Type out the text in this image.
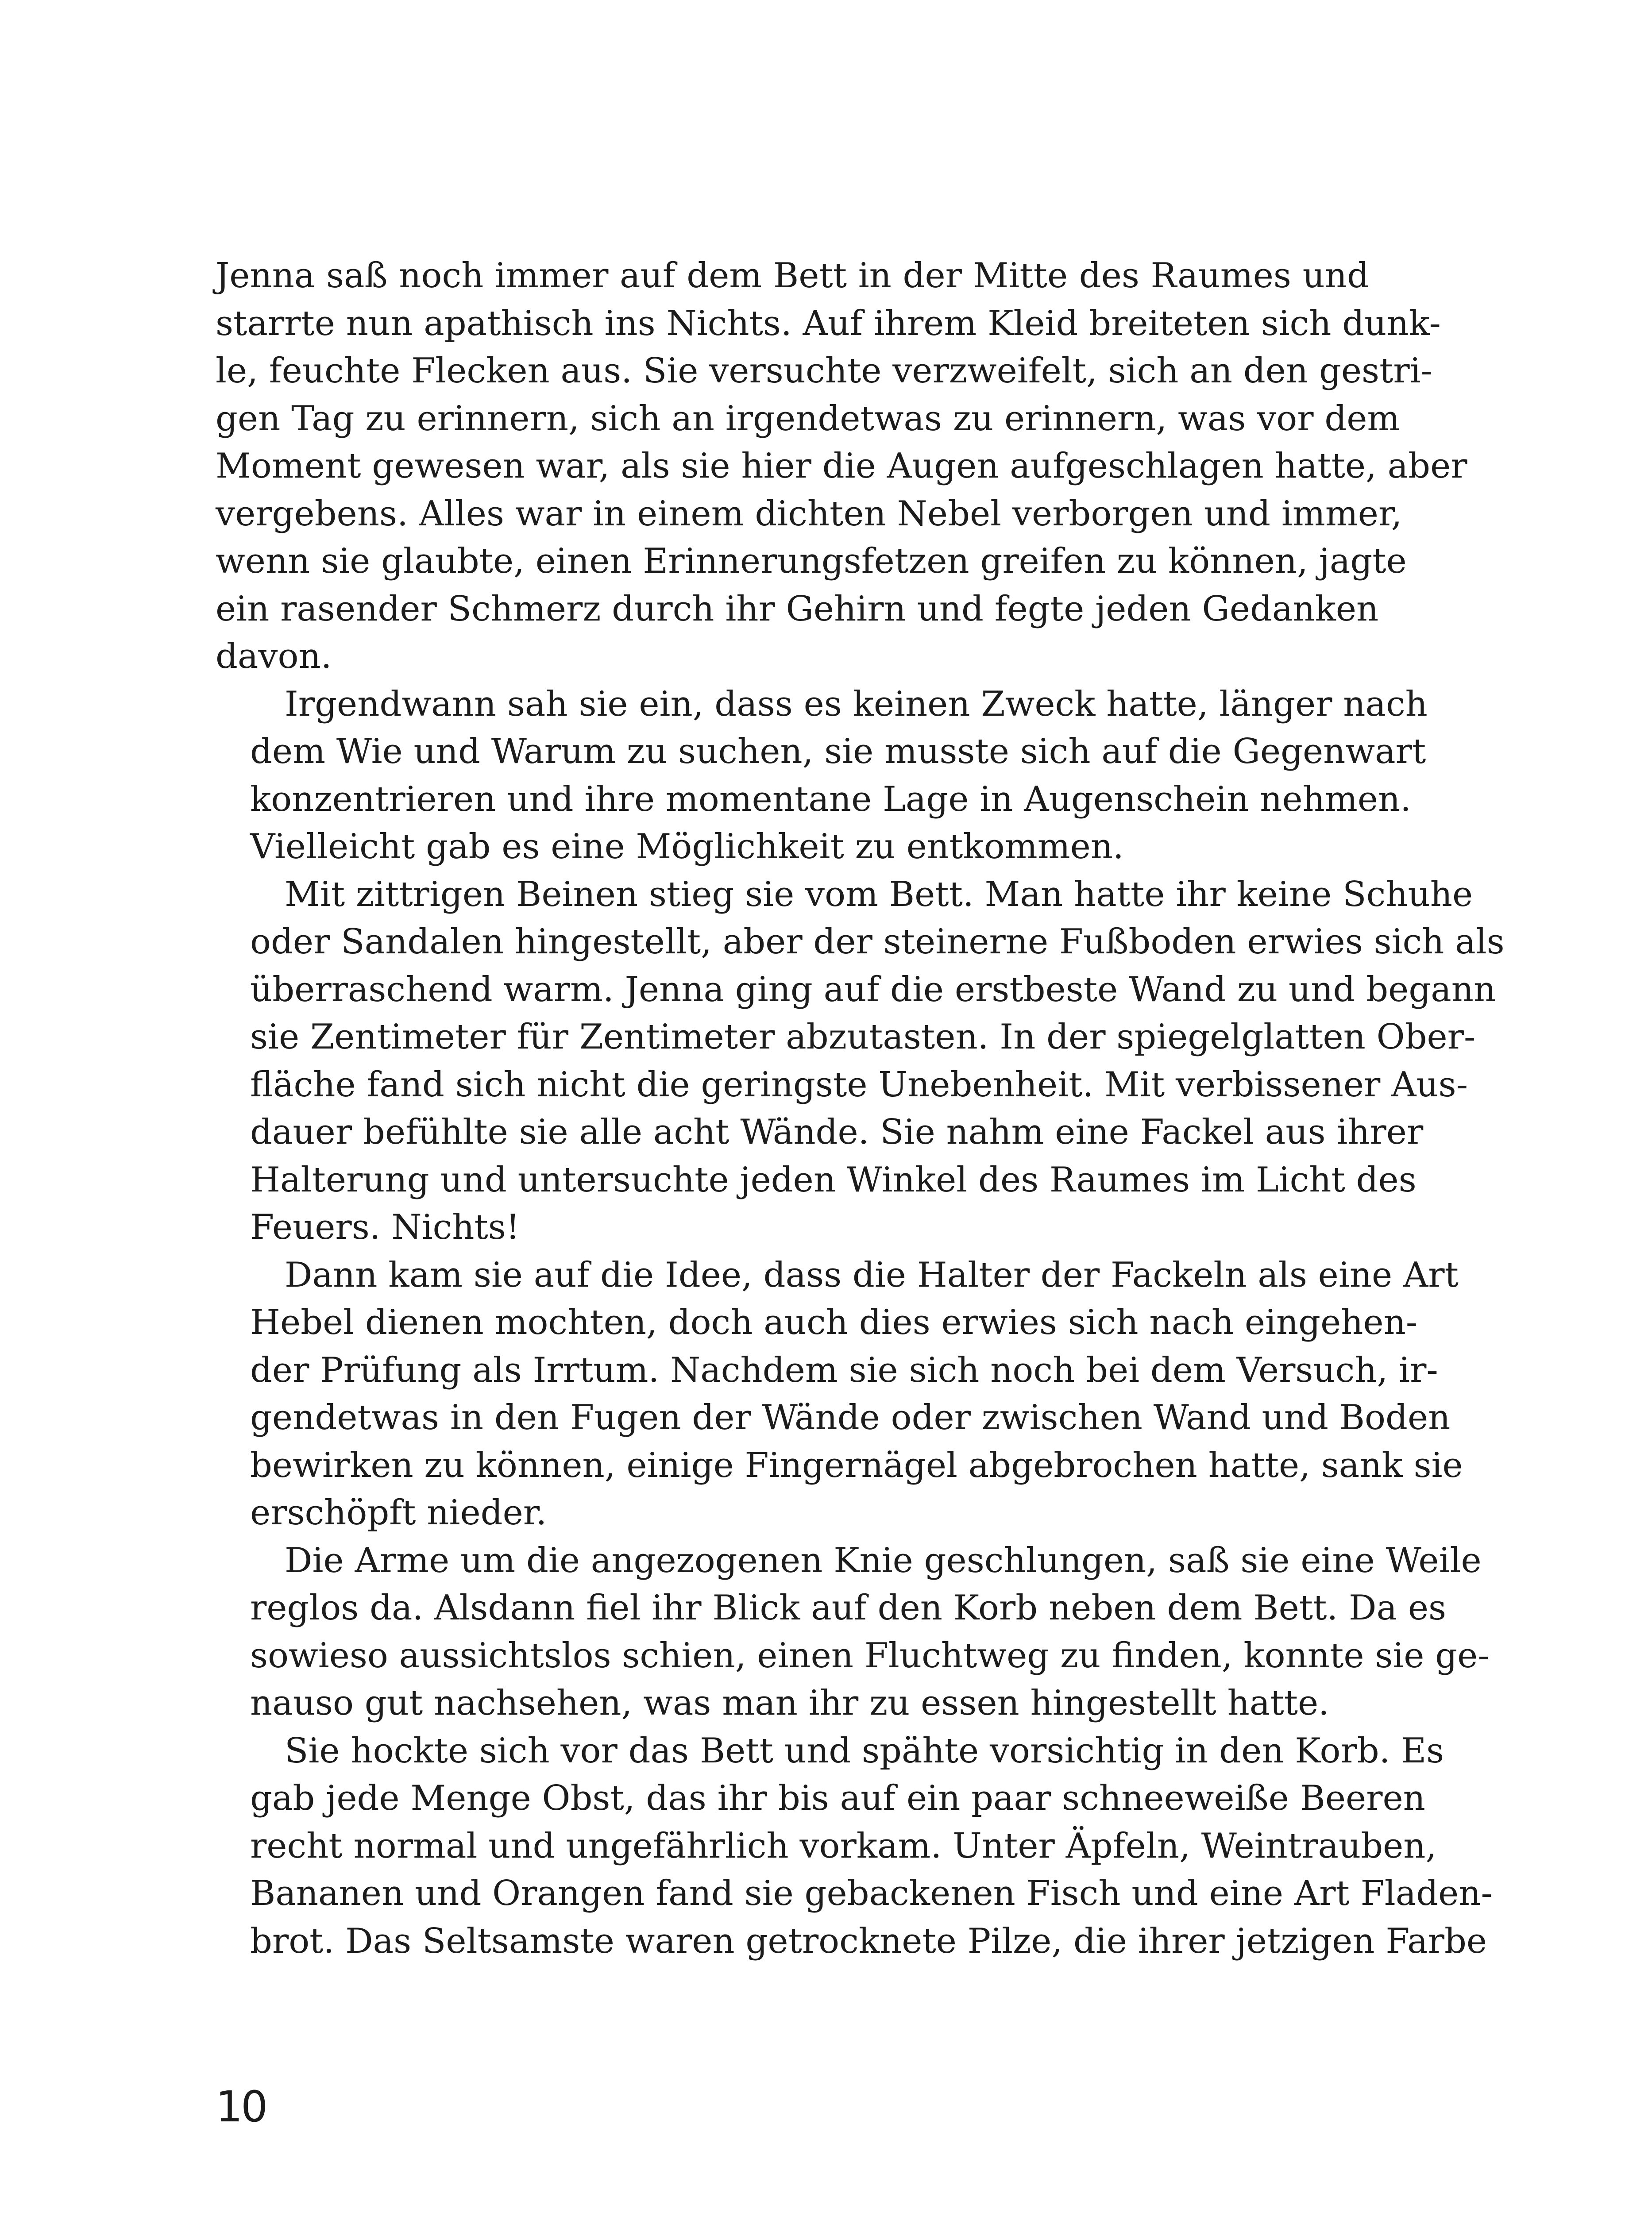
Jenna saß noch immer auf dem Bett in der Mitte des Raumes und
starrte nun apathisch ins Nichts. Auf ihrem Kleid breiteten sich dunk-
le, feuchte Flecken aus. Sie versuchte verzweifelt, sich an den gestri-
gen Tag zu erinnern, sich an irgendetwas zu erinnern, was vor dem
Moment gewesen war, als sie hier die Augen aufgeschlagen hatte, aber
vergebens. Alles war in einem dichten Nebel verborgen und immer,
wenn sie glaubte, einen Erinnerungsfetzen greifen zu können, jagte
ein rasender Schmerz durch ihr Gehirn und fegte jeden Gedanken
davon.
Irgendwann sah sie ein, dass es keinen Zweck hatte, länger nach
dem Wie und Warum zu suchen, sie musste sich auf die Gegenwart
konzentrieren und ihre momentane Lage in Augenschein nehmen.
Vielleicht gab es eine Möglichkeit zu entkommen.
Mit zittrigen Beinen stieg sie vom Bett. Man hatte ihr keine Schuhe
oder Sandalen hingestellt, aber der steinerne Fußboden erwies sich als
überraschend warm. Jenna ging auf die erstbeste Wand zu und begann
sie Zentimeter für Zentimeter abzutasten. In der spiegelglatten Ober-
fläche fand sich nicht die geringste Unebenheit. Mit verbissener Aus-
dauer befühlte sie alle acht Wände. Sie nahm eine Fackel aus ihrer
Halterung und untersuchte jeden Winkel des Raumes im Licht des
Feuers. Nichts!
Dann kam sie auf die Idee, dass die Halter der Fackeln als eine Art
Hebel dienen mochten, doch auch dies erwies sich nach eingehen-
der Prüfung als Irrtum. Nachdem sie sich noch bei dem Versuch, ir-
gendetwas in den Fugen der Wände oder zwischen Wand und Boden
bewirken zu können, einige Fingernägel abgebrochen hatte, sank sie
erschöpft nieder.
Die Arme um die angezogenen Knie geschlungen, saß sie eine Weile
reglos da. Alsdann fiel ihr Blick auf den Korb neben dem Bett. Da es
sowieso aussichtslos schien, einen Fluchtweg zu finden, konnte sie ge-
nauso gut nachsehen, was man ihr zu essen hingestellt hatte.
Sie hockte sich vor das Bett und spähte vorsichtig in den Korb. Es
gab jede Menge Obst, das ihr bis auf ein paar schneeweiße Beeren
recht normal und ungefährlich vorkam. Unter Äpfeln, Weintrauben,
Bananen und Orangen fand sie gebackenen Fisch und eine Art Fladen-
brot. Das Seltsamste waren getrocknete Pilze, die ihrer jetzigen Farbe
10
